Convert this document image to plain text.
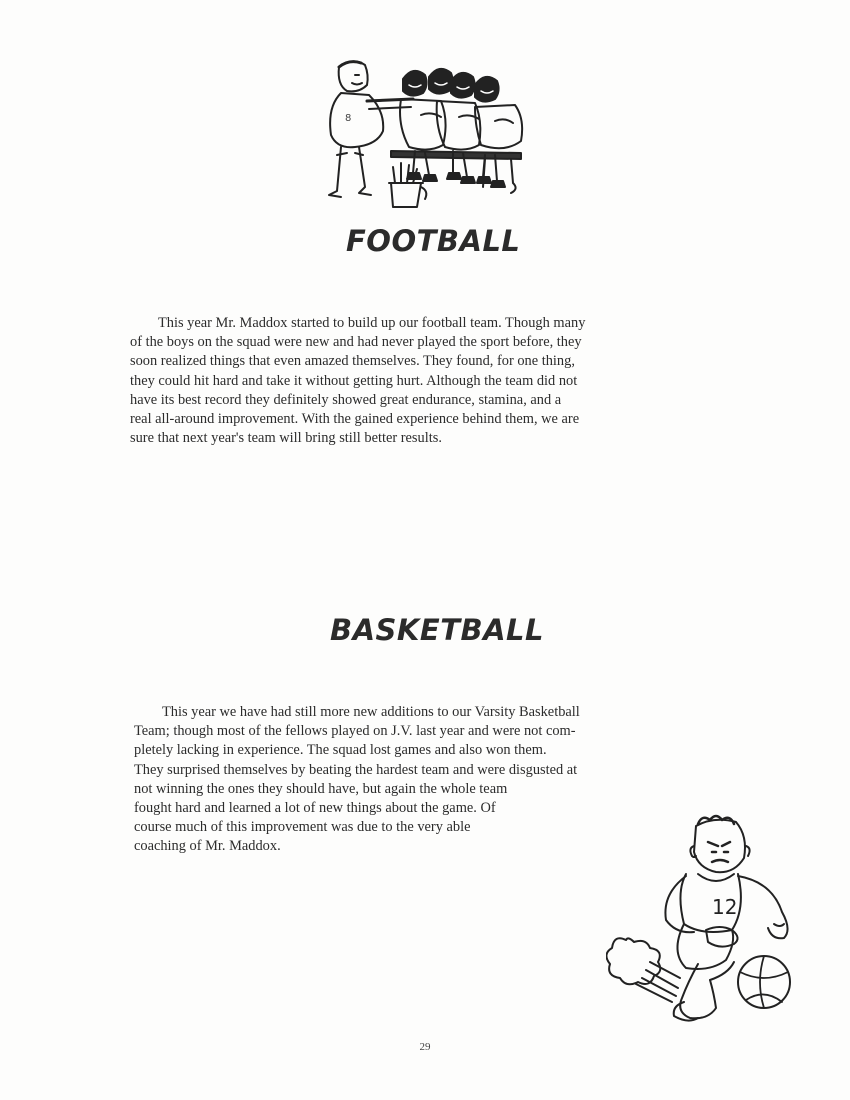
8
FOOTBALL
This year Mr. Maddox started to build up our football team. Though many
of the boys on the squad were new and had never played the sport before, they
soon realized things that even amazed themselves. They found, for one thing,
they could hit hard and take it without getting hurt. Although the team did not
have its best record they definitely showed great endurance, stamina, and a
real all-around improvement. With the gained experience behind them, we are
sure that next year's team will bring still better results.
BASKETBALL
This year we have had still more new additions to our Varsity Basketball
Team; though most of the fellows played on J.V. last year and were not com-
pletely lacking in experience. The squad lost games and also won them.
They surprised themselves by beating the hardest team and were disgusted at
not winning the ones they should have, but again the whole team
fought hard and learned a lot of new things about the game. Of
course much of this improvement was due to the very able
coaching of Mr. Maddox.
12
29
